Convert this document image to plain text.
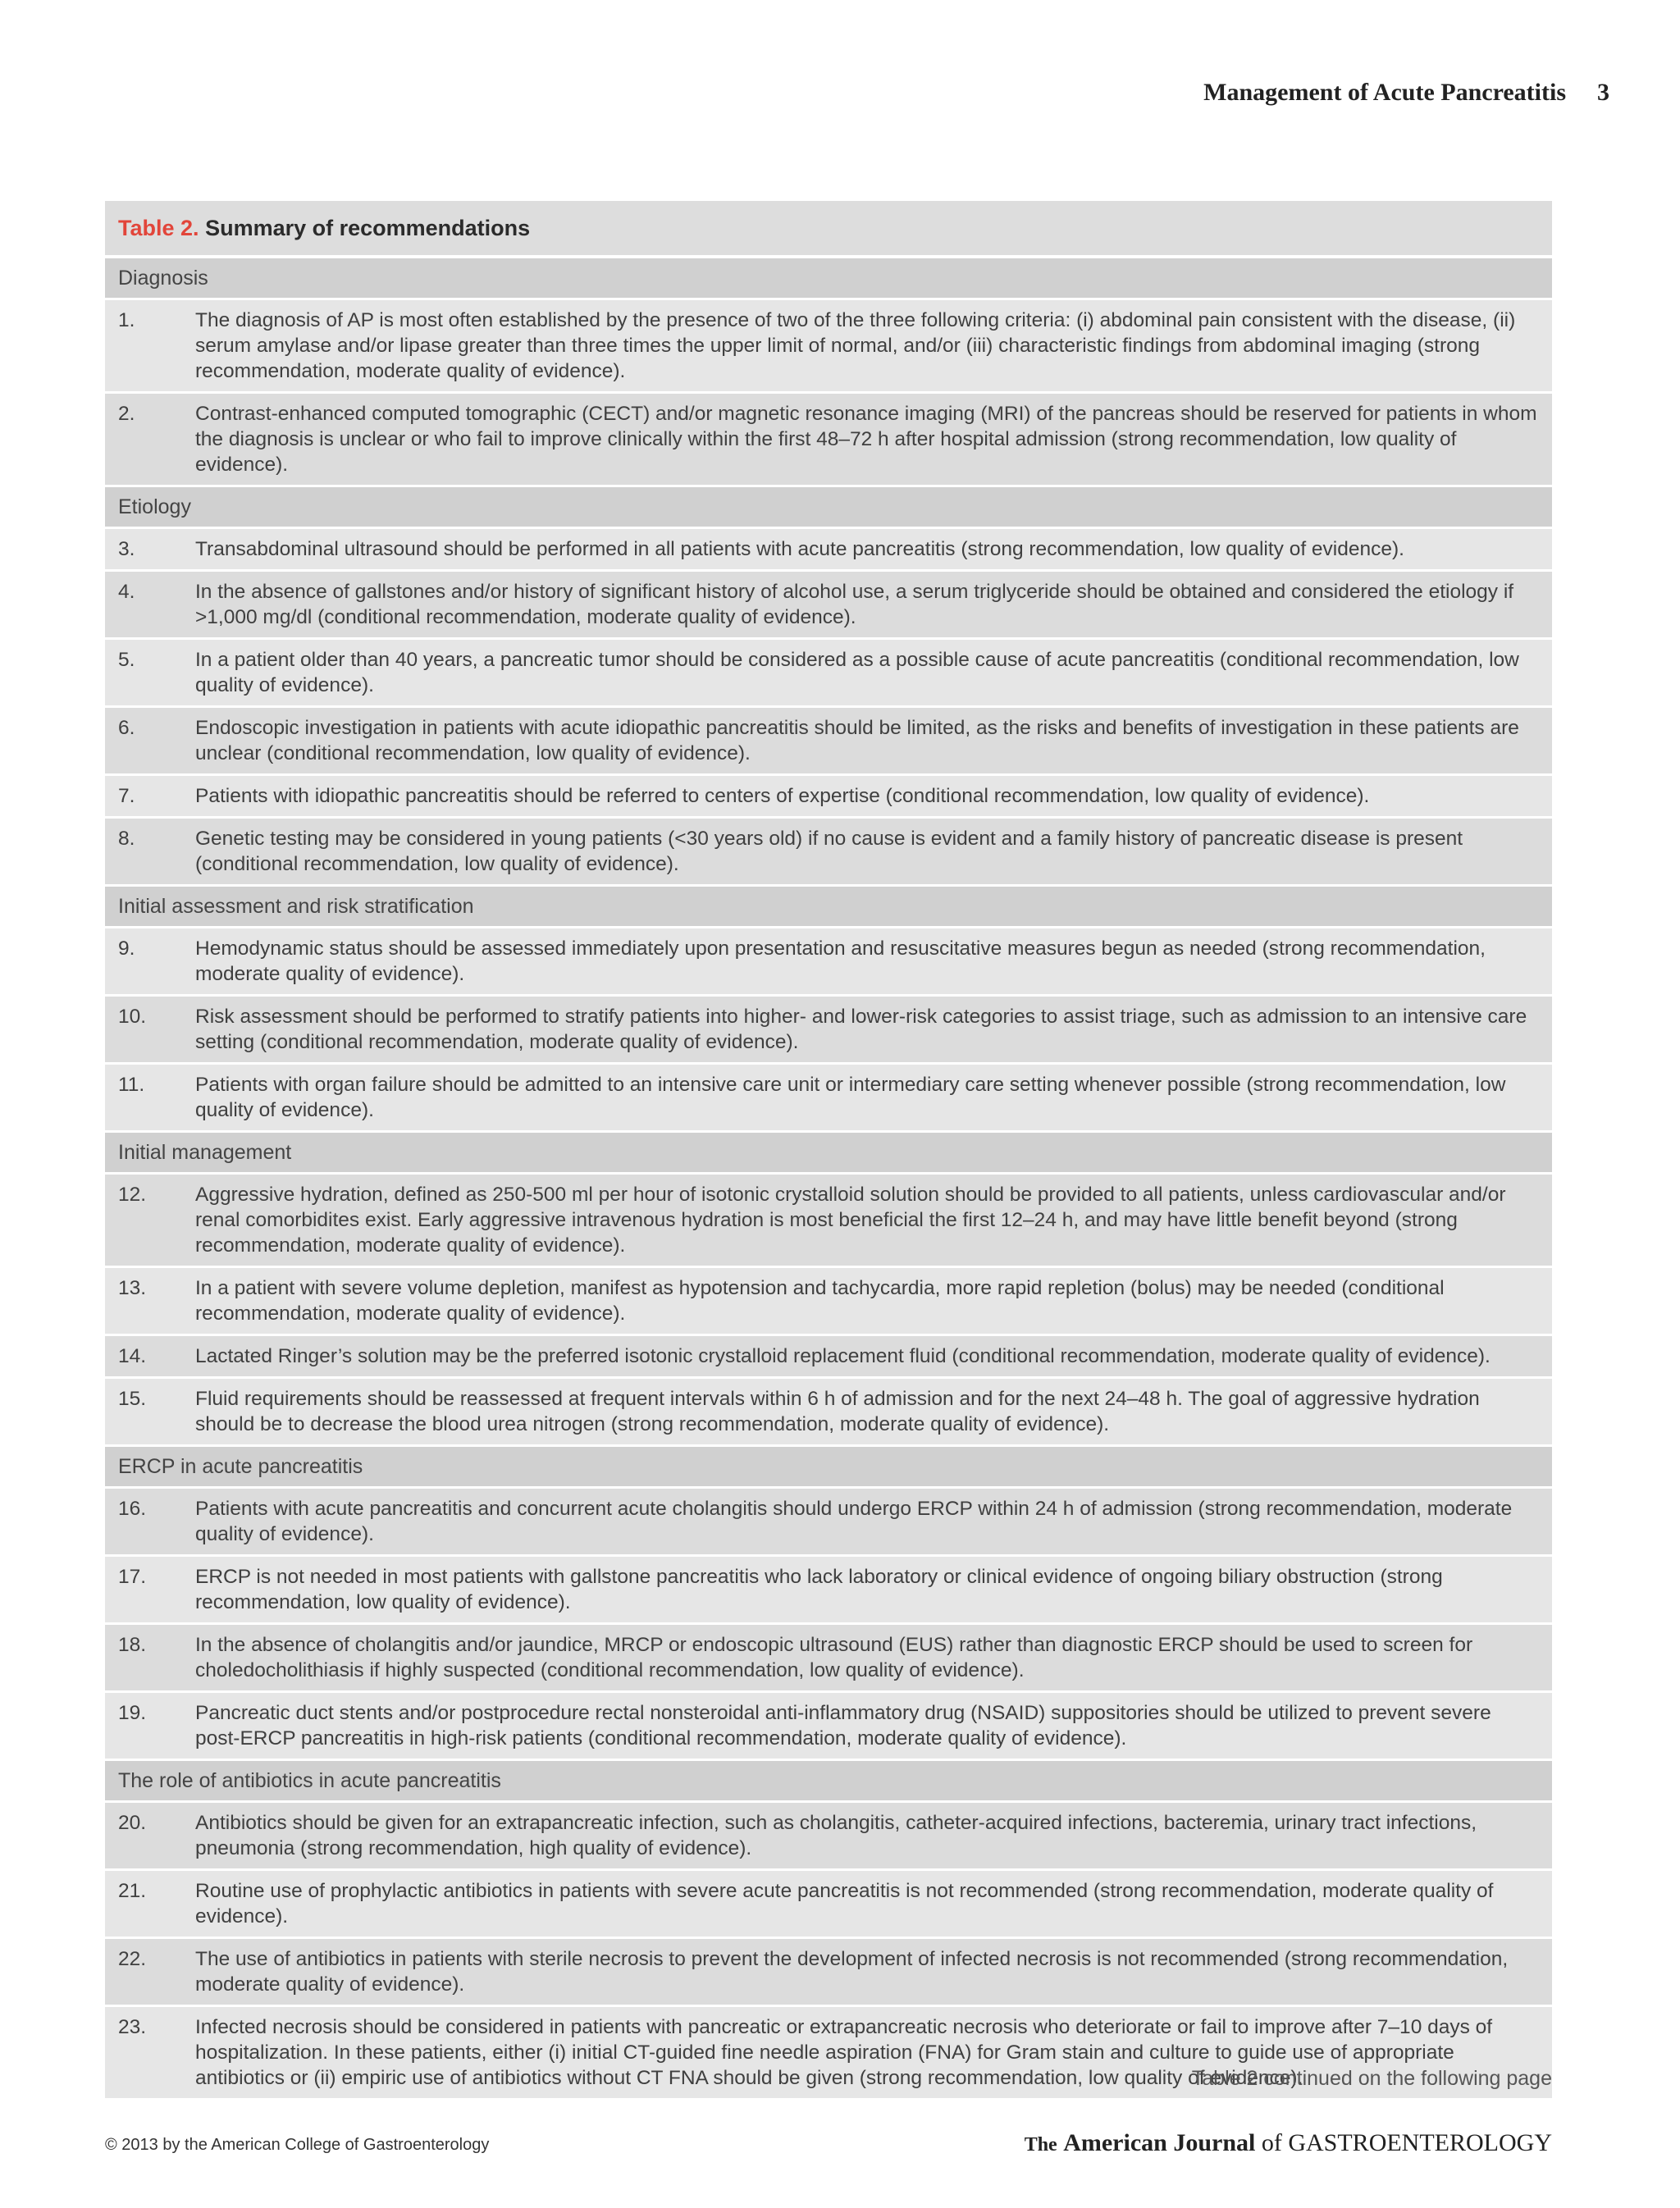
Management of Acute Pancreatitis 3
Table 2. Summary of recommendations
Diagnosis
1.	The diagnosis of AP is most often established by the presence of two of the three following criteria: (i) abdominal pain consistent with the disease, (ii) serum amylase and/or lipase greater than three times the upper limit of normal, and/or (iii) characteristic findings from abdominal imaging (strong recommendation, moderate quality of evidence).
2.	Contrast-enhanced computed tomographic (CECT) and/or magnetic resonance imaging (MRI) of the pancreas should be reserved for patients in whom the diagnosis is unclear or who fail to improve clinically within the first 48–72 h after hospital admission (strong recommendation, low quality of evidence).
Etiology
3.	Transabdominal ultrasound should be performed in all patients with acute pancreatitis (strong recommendation, low quality of evidence).
4.	In the absence of gallstones and/or history of significant history of alcohol use, a serum triglyceride should be obtained and considered the etiology if >1,000 mg/dl (conditional recommendation, moderate quality of evidence).
5.	In a patient older than 40 years, a pancreatic tumor should be considered as a possible cause of acute pancreatitis (conditional recommendation, low quality of evidence).
6.	Endoscopic investigation in patients with acute idiopathic pancreatitis should be limited, as the risks and benefits of investigation in these patients are unclear (conditional recommendation, low quality of evidence).
7.	Patients with idiopathic pancreatitis should be referred to centers of expertise (conditional recommendation, low quality of evidence).
8.	Genetic testing may be considered in young patients (<30 years old) if no cause is evident and a family history of pancreatic disease is present (conditional recommendation, low quality of evidence).
Initial assessment and risk stratification
9.	Hemodynamic status should be assessed immediately upon presentation and resuscitative measures begun as needed (strong recommendation, moderate quality of evidence).
10.	Risk assessment should be performed to stratify patients into higher- and lower-risk categories to assist triage, such as admission to an intensive care setting (conditional recommendation, moderate quality of evidence).
11.	Patients with organ failure should be admitted to an intensive care unit or intermediary care setting whenever possible (strong recommendation, low quality of evidence).
Initial management
12.	Aggressive hydration, defined as 250-500 ml per hour of isotonic crystalloid solution should be provided to all patients, unless cardiovascular and/or renal comorbidites exist. Early aggressive intravenous hydration is most beneficial the first 12–24 h, and may have little benefit beyond (strong recommendation, moderate quality of evidence).
13.	In a patient with severe volume depletion, manifest as hypotension and tachycardia, more rapid repletion (bolus) may be needed (conditional recommendation, moderate quality of evidence).
14.	Lactated Ringer’s solution may be the preferred isotonic crystalloid replacement fluid (conditional recommendation, moderate quality of evidence).
15.	Fluid requirements should be reassessed at frequent intervals within 6 h of admission and for the next 24–48 h. The goal of aggressive hydration should be to decrease the blood urea nitrogen (strong recommendation, moderate quality of evidence).
ERCP in acute pancreatitis
16.	Patients with acute pancreatitis and concurrent acute cholangitis should undergo ERCP within 24 h of admission (strong recommendation, moderate quality of evidence).
17.	ERCP is not needed in most patients with gallstone pancreatitis who lack laboratory or clinical evidence of ongoing biliary obstruction (strong recommendation, low quality of evidence).
18.	In the absence of cholangitis and/or jaundice, MRCP or endoscopic ultrasound (EUS) rather than diagnostic ERCP should be used to screen for choledocholithiasis if highly suspected (conditional recommendation, low quality of evidence).
19.	Pancreatic duct stents and/or postprocedure rectal nonsteroidal anti-inflammatory drug (NSAID) suppositories should be utilized to prevent severe post-ERCP pancreatitis in high-risk patients (conditional recommendation, moderate quality of evidence).
The role of antibiotics in acute pancreatitis
20.	Antibiotics should be given for an extrapancreatic infection, such as cholangitis, catheter-acquired infections, bacteremia, urinary tract infections, pneumonia (strong recommendation, high quality of evidence).
21.	Routine use of prophylactic antibiotics in patients with severe acute pancreatitis is not recommended (strong recommendation, moderate quality of evidence).
22.	The use of antibiotics in patients with sterile necrosis to prevent the development of infected necrosis is not recommended (strong recommendation, moderate quality of evidence).
23.	Infected necrosis should be considered in patients with pancreatic or extrapancreatic necrosis who deteriorate or fail to improve after 7–10 days of hospitalization. In these patients, either (i) initial CT-guided fine needle aspiration (FNA) for Gram stain and culture to guide use of appropriate antibiotics or (ii) empiric use of antibiotics without CT FNA should be given (strong recommendation, low quality of evidence).
Table 2 continued on the following page
© 2013 by the American College of Gastroenterology	The American Journal of GASTROENTEROLOGY
